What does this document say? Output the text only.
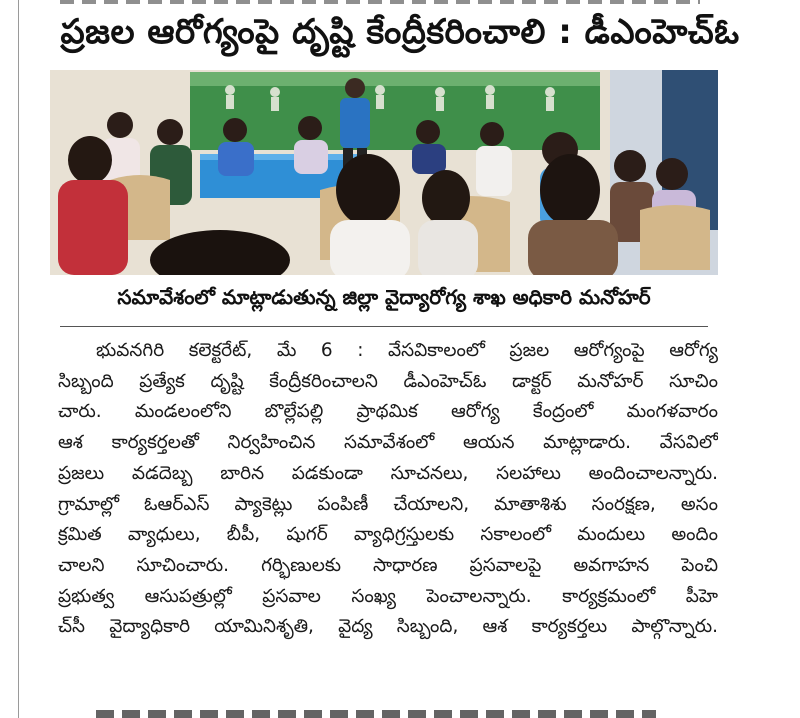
ప్రజల ఆరోగ్యంపై దృష్టి కేంద్రీకరించాలి : డీఎంహెచ్ఓ
సమావేశంలో మాట్లాడుతున్న జిల్లా వైద్యారోగ్య శాఖ అధికారి మనోహర్
భువనగిరి కలెక్టరేట్, మే 6 : వేసవికాలంలో ప్రజల ఆరోగ్యంపై ఆరోగ్య
సిబ్బంది ప్రత్యేక దృష్టి కేంద్రీకరించాలని డీఎంహెచ్ఓ డాక్టర్ మనోహర్ సూచిం
చారు. మండలంలోని బొల్లేపల్లి ప్రాథమిక ఆరోగ్య కేంద్రంలో మంగళవారం
ఆశ కార్యకర్తలతో నిర్వహించిన సమావేశంలో ఆయన మాట్లాడారు. వేసవిలో
ప్రజలు వడదెబ్బ బారిన పడకుండా సూచనలు, సలహాలు అందించాలన్నారు.
గ్రామాల్లో ఓఆర్ఎస్ ప్యాకెట్లు పంపిణీ చేయాలని, మాతాశిశు సంరక్షణ, అసం
క్రమిత వ్యాధులు, బీపీ, షుగర్ వ్యాధిగ్రస్తులకు సకాలంలో మందులు అందిం
చాలని సూచించారు. గర్భిణులకు సాధారణ ప్రసవాలపై అవగాహన పెంచి
ప్రభుత్వ ఆసుపత్రుల్లో ప్రసవాల సంఖ్య పెంచాలన్నారు. కార్యక్రమంలో పీహె
చ్‌సీ వైద్యాధికారి యామినిశృతి, వైద్య సిబ్బంది, ఆశ కార్యకర్తలు పాల్గొన్నారు.
